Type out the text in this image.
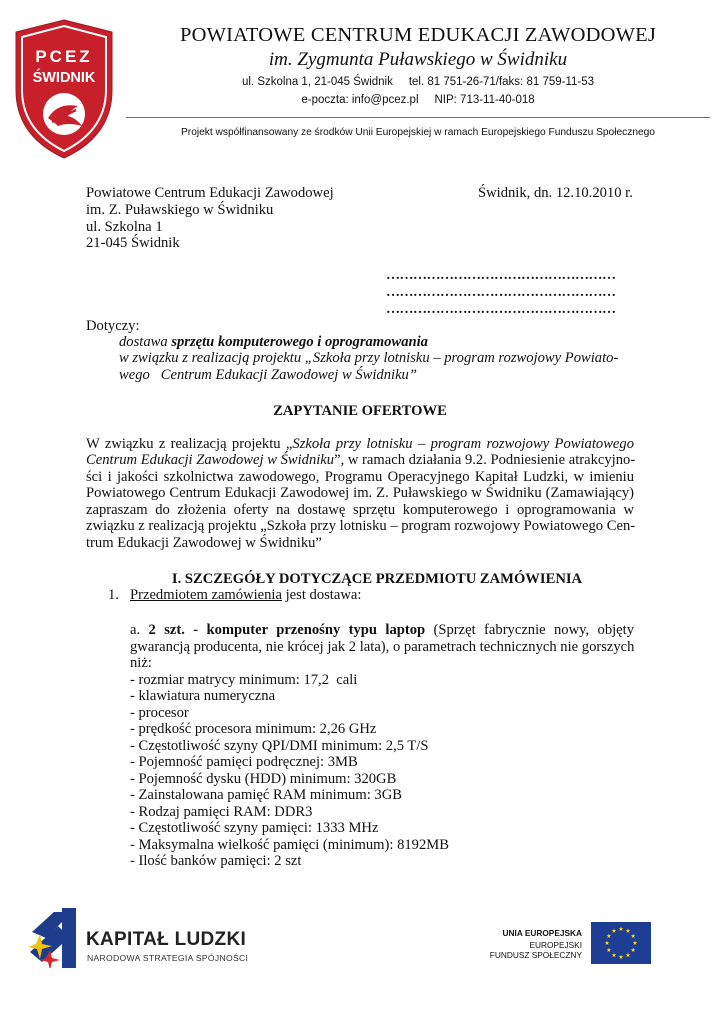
PCEZ
ŚWIDNIK
POWIATOWE CENTRUM EDUKACJI ZAWODOWEJ
im. Zygmunta Puławskiego w Świdniku
ul. Szkolna 1, 21-045 Świdnik     tel. 81 751-26-71/faks: 81 759-11-53
e-poczta: info@pcez.pl     NIP: 713-11-40-018
Projekt współfinansowany ze środków Unii Europejskiej w ramach Europejskiego Funduszu Społecznego
Powiatowe Centrum Edukacji Zawodowej
im. Z. Puławskiego w Świdniku
ul. Szkolna 1
21-045 Świdnik
Świdnik, dn. 12.10.2010 r.
……………………………………………
……………………………………………
……………………………………………
Dotyczy:
dostawa sprzętu komputerowego i oprogramowania
w związku z realizacją projektu „Szkoła przy lotnisku – program rozwojowy Powiato-
wego   Centrum Edukacji Zawodowej w Świdniku”
ZAPYTANIE OFERTOWE
W związku z realizacją projektu „Szkoła przy lotnisku – program rozwojowy Powiatowego
Centrum Edukacji Zawodowej w Świdniku”, w ramach działania 9.2. Podniesienie atrakcyjno-
ści i jakości szkolnictwa zawodowego, Programu Operacyjnego Kapitał Ludzki, w imieniu
Powiatowego Centrum Edukacji Zawodowej im. Z. Puławskiego w Świdniku (Zamawiający)
zapraszam do złożenia oferty na dostawę sprzętu komputerowego i oprogramowania w
związku z realizacją projektu „Szkoła przy lotnisku – program rozwojowy Powiatowego Cen-
trum Edukacji Zawodowej w Świdniku”
I. SZCZEGÓŁY DOTYCZĄCE PRZEDMIOTU ZAMÓWIENIA
1. Przedmiotem zamówienia jest dostawa:
a. 2 szt. - komputer przenośny typu laptop (Sprzęt fabrycznie nowy, objęty
gwarancją producenta, nie krócej jak 2 lata), o parametrach technicznych nie gorszych
niż:
- rozmiar matrycy minimum: 17,2  cali
- klawiatura numeryczna
- procesor
- prędkość procesora minimum: 2,26 GHz
- Częstotliwość szyny QPI/DMI minimum: 2,5 T/S
- Pojemność pamięci podręcznej: 3MB
- Pojemność dysku (HDD) minimum: 320GB
- Zainstalowana pamięć RAM minimum: 3GB
- Rodzaj pamięci RAM: DDR3
- Częstotliwość szyny pamięci: 1333 MHz
- Maksymalna wielkość pamięci (minimum): 8192MB
- Ilość banków pamięci: 2 szt
KAPITAŁ LUDZKI
NARODOWA STRATEGIA SPÓJNOŚCI
UNIA EUROPEJSKA
EUROPEJSKI
FUNDUSZ SPOŁECZNY
